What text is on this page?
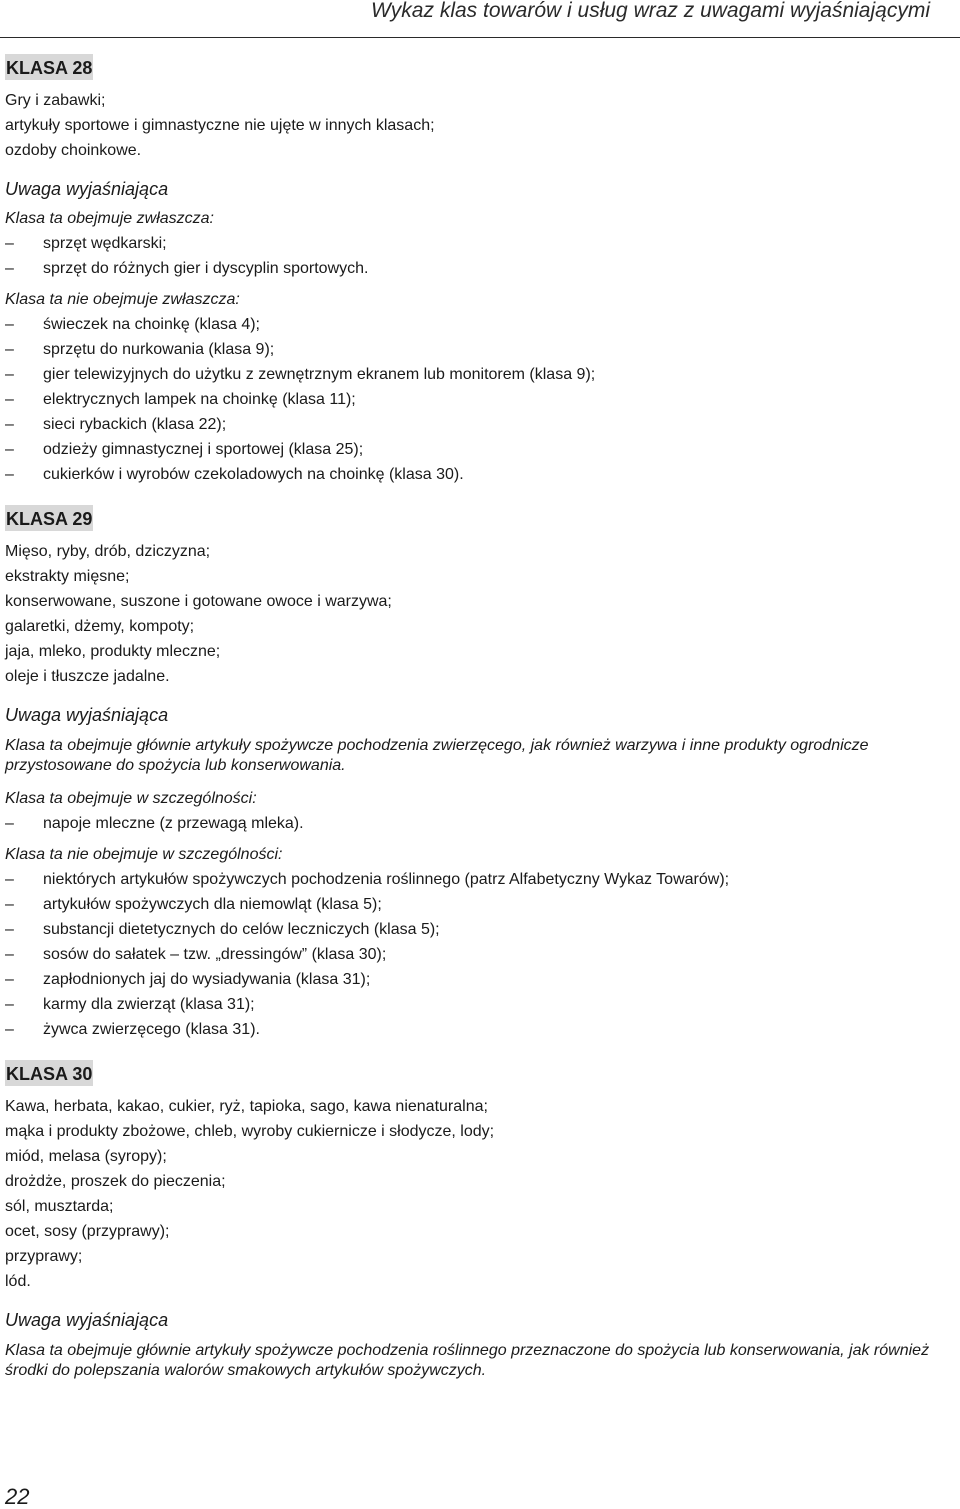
Wykaz klas towarów i usług wraz z uwagami wyjaśniającymi
KLASA 28

Gry i zabawki;

artykuły sportowe i gimnastyczne nie ujęte w innych klasach;

ozdoby choinkowe.

Uwaga wyjaśniająca

Klasa ta obejmuje zwłaszcza:

– sprzęt wędkarski;
– sprzęt do różnych gier i dyscyplin sportowych.

Klasa ta nie obejmuje zwłaszcza:

– świeczek na choinkę (klasa 4);
– sprzętu do nurkowania (klasa 9);
– gier telewizyjnych do użytku z zewnętrznym ekranem lub monitorem (klasa 9);
– elektrycznych lampek na choinkę (klasa 11);
– sieci rybackich (klasa 22);
– odzieży gimnastycznej i sportowej (klasa 25);
– cukierków i wyrobów czekoladowych na choinkę (klasa 30).
KLASA 29

Mięso, ryby, drób, dziczyzna;

ekstrakty mięsne;

konserwowane, suszone i gotowane owoce i warzywa;

galaretki, dżemy, kompoty;

jaja, mleko, produkty mleczne;

oleje i tłuszcze jadalne.

Uwaga wyjaśniająca

Klasa ta obejmuje głównie artykuły spożywcze pochodzenia zwierzęcego, jak również warzywa i inne produkty ogrodnicze przystosowane do spożycia lub konserwowania.

Klasa ta obejmuje w szczególności:

– napoje mleczne (z przewagą mleka).

Klasa ta nie obejmuje w szczególności:

– niektórych artykułów spożywczych pochodzenia roślinnego (patrz Alfabetyczny Wykaz Towarów);
– artykułów spożywczych dla niemowląt (klasa 5);
– substancji dietetycznych do celów leczniczych (klasa 5);
– sosów do sałatek – tzw. „dressingów” (klasa 30);
– zapłodnionych jaj do wysiadywania (klasa 31);
– karmy dla zwierząt (klasa 31);
– żywca zwierzęcego (klasa 31).
KLASA 30

Kawa, herbata, kakao, cukier, ryż, tapioka, sago, kawa nienaturalna;

mąka i produkty zbożowe, chleb, wyroby cukiernicze i słodycze, lody;

miód, melasa (syropy);

drożdże, proszek do pieczenia;

sól, musztarda;

ocet, sosy (przyprawy);

przyprawy;

lód.

Uwaga wyjaśniająca

Klasa ta obejmuje głównie artykuły spożywcze pochodzenia roślinnego przeznaczone do spożycia lub konserwowania, jak również środki do polepszania walorów smakowych artykułów spożywczych.

22
